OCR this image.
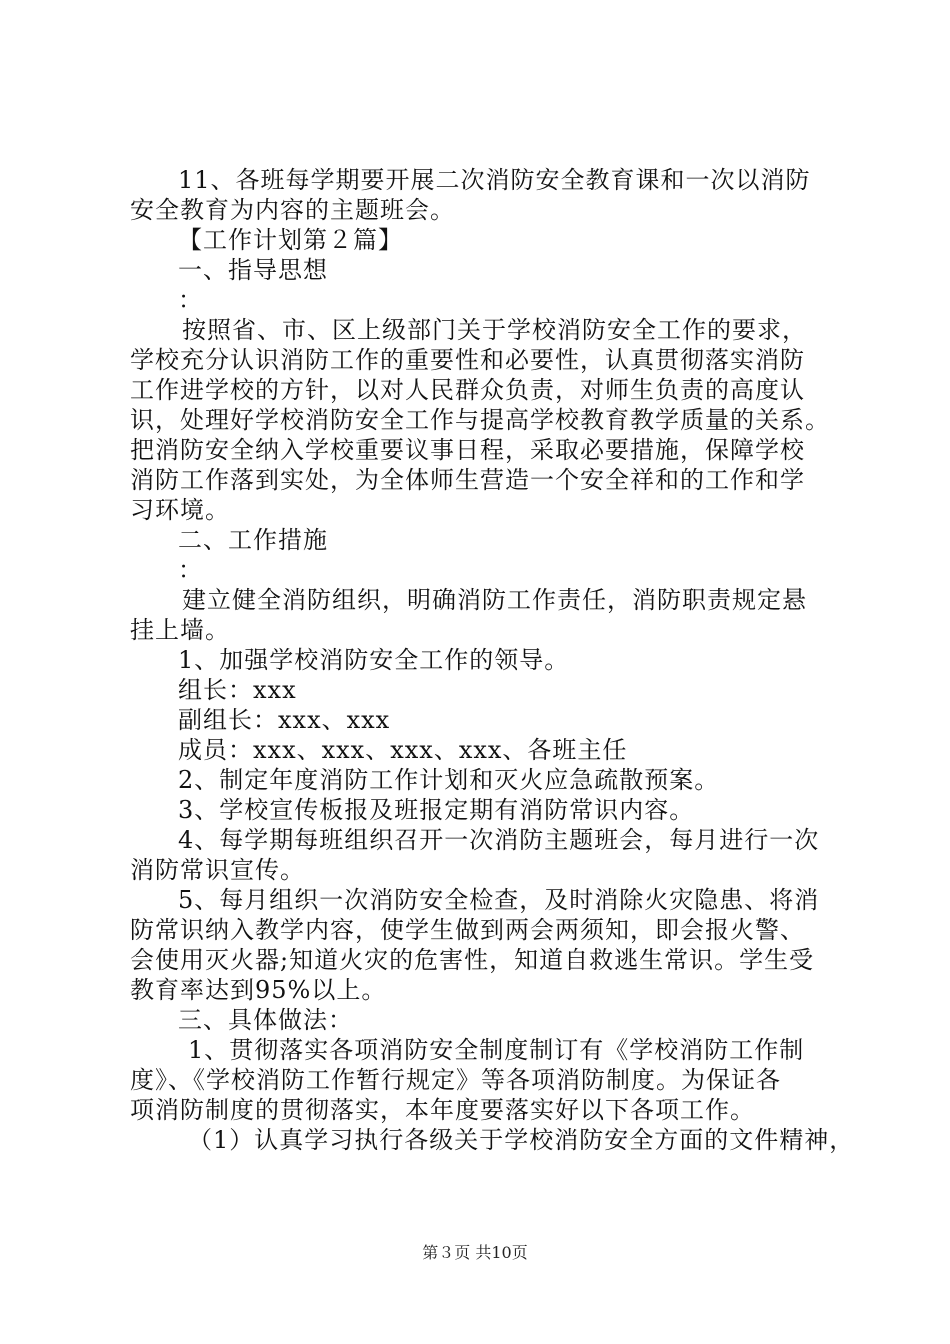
11、各班每学期要开展二次消防安全教育课和一次以消防
安全教育为内容的主题班会。
【工作计划第２篇】
一、指导思想
：
按照省、市、区上级部门关于学校消防安全工作的要求，
学校充分认识消防工作的重要性和必要性，认真贯彻落实消防
工作进学校的方针，以对人民群众负责，对师生负责的高度认
识，处理好学校消防安全工作与提高学校教育教学质量的关系。
把消防安全纳入学校重要议事日程，采取必要措施，保障学校
消防工作落到实处，为全体师生营造一个安全祥和的工作和学
习环境。
二、工作措施
：
建立健全消防组织，明确消防工作责任，消防职责规定悬
挂上墙。
1、加强学校消防安全工作的领导。
组长：xxx
副组长：xxx、xxx
成员：xxx、xxx、xxx、xxx、各班主任
2、制定年度消防工作计划和灭火应急疏散预案。
3、学校宣传板报及班报定期有消防常识内容。
4、每学期每班组织召开一次消防主题班会，每月进行一次
消防常识宣传。
5、每月组织一次消防安全检查，及时消除火灾隐患、将消
防常识纳入教学内容，使学生做到两会两须知，即会报火警、
会使用灭火器;知道火灾的危害性，知道自救逃生常识。学生受
教育率达到95%以上。
三、具体做法：
1、贯彻落实各项消防安全制度制订有《学校消防工作制
度》、《学校消防工作暂行规定》等各项消防制度。为保证各
项消防制度的贯彻落实，本年度要落实好以下各项工作。
（1）认真学习执行各级关于学校消防安全方面的文件精神，
第３页 共10页
